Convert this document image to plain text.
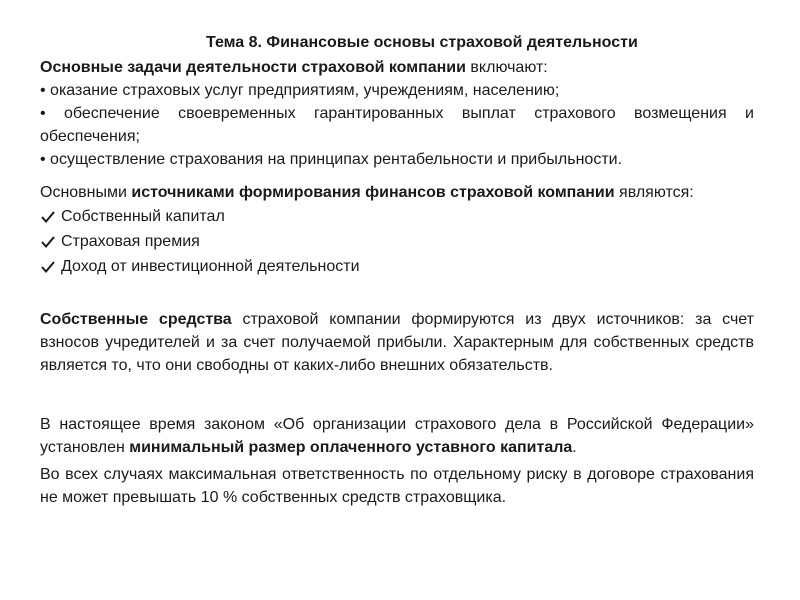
Тема 8. Финансовые основы страховой деятельности

Основные задачи деятельности страховой компании включают:

• оказание страховых услуг предприятиям, учреждениям, населению;

• обеспечение своевременных гарантированных выплат страхового возмещения и обеспечения;

• осуществление страхования на принципах рентабельности и прибыльности.

Основными источниками формирования финансов страховой компании являются:

Собственный капитал
Страховая премия
Доход от инвестиционной деятельности

Собственные средства страховой компании формируются из двух источников: за счет взносов учредителей и за счет получаемой прибыли. Характерным для собственных средств является то, что они свободны от каких-либо внешних обязательств.

В настоящее время законом «Об организации страхового дела в Российской Федерации» установлен минимальный размер оплаченного уставного капитала.

Во всех случаях максимальная ответственность по отдельному риску в договоре страхования не может превышать 10 % собственных средств страховщика.
